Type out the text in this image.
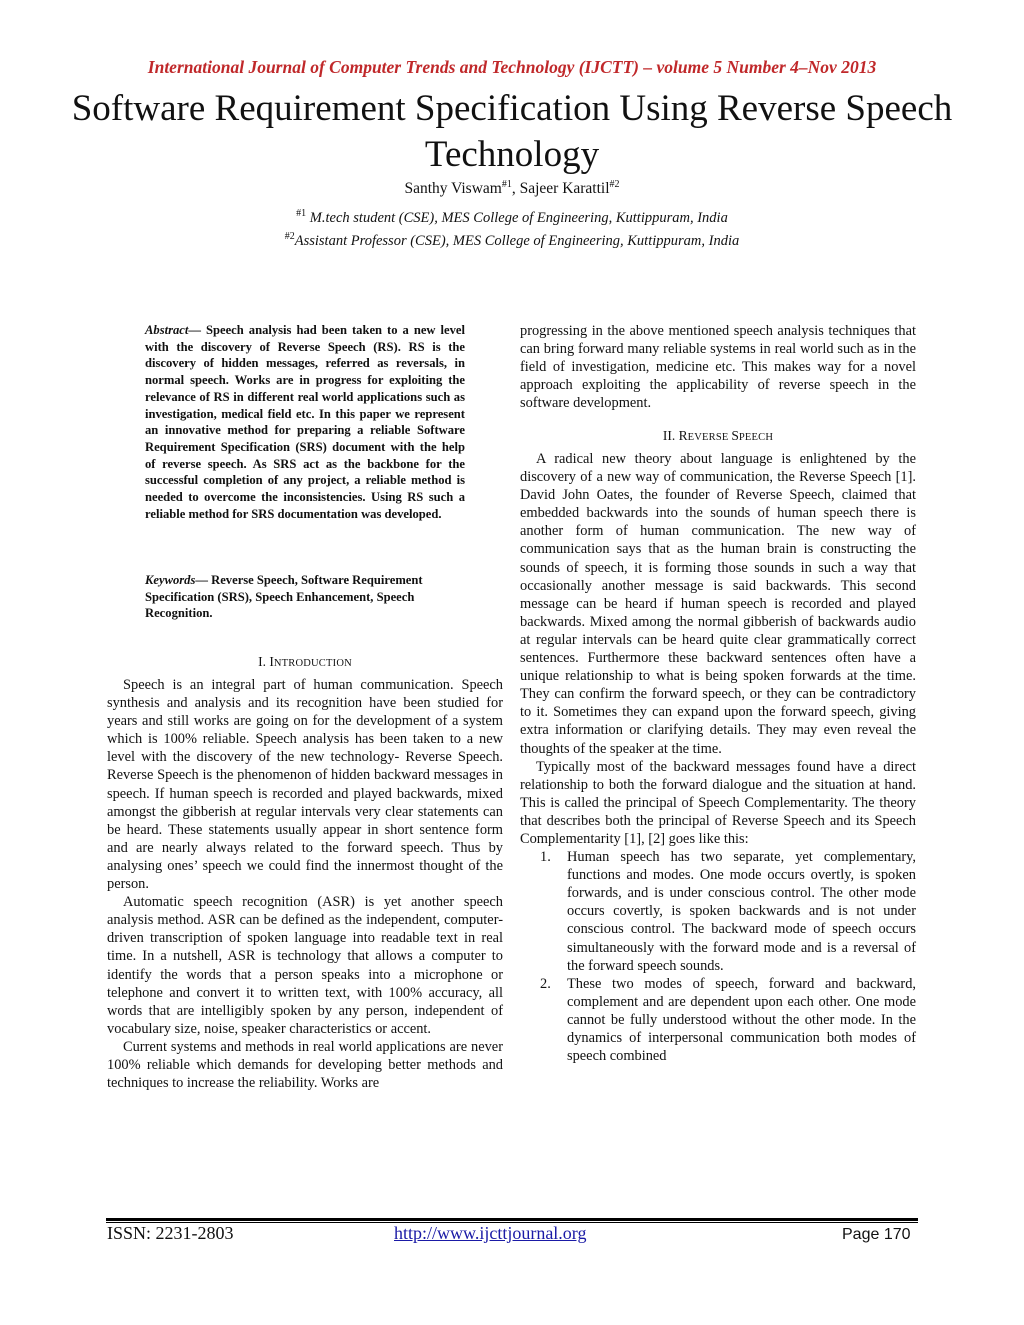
International Journal of Computer Trends and Technology (IJCTT) – volume 5 Number 4–Nov 2013
Software Requirement Specification Using Reverse Speech Technology
Santhy Viswam$^{\#1}$, Sajeer Karattil$^{\#2}$
$^{\#1}$ M.tech student (CSE), MES College of Engineering, Kuttippuram, India
$^{\#2}$Assistant Professor (CSE), MES College of Engineering, Kuttippuram, India
Abstract— Speech analysis had been taken to a new level with the discovery of Reverse Speech (RS). RS is the discovery of hidden messages, referred as reversals, in normal speech. Works are in progress for exploiting the relevance of RS in different real world applications such as investigation, medical field etc. In this paper we represent an innovative method for preparing a reliable Software Requirement Specification (SRS) document with the help of reverse speech. As SRS act as the backbone for the successful completion of any project, a reliable method is needed to overcome the inconsistencies. Using RS such a reliable method for SRS documentation was developed.
Keywords— Reverse Speech, Software Requirement Specification (SRS), Speech Enhancement, Speech Recognition.
I. INTRODUCTION

Speech is an integral part of human communication. Speech synthesis and analysis and its recognition have been studied for years and still works are going on for the development of a system which is 100% reliable. Speech analysis has been taken to a new level with the discovery of the new technology- Reverse Speech. Reverse Speech is the phenomenon of hidden backward messages in speech. If human speech is recorded and played backwards, mixed amongst the gibberish at regular intervals very clear statements can be heard. These statements usually appear in short sentence form and are nearly always related to the forward speech. Thus by analysing ones’ speech we could find the innermost thought of the person.

Automatic speech recognition (ASR) is yet another speech analysis method. ASR can be defined as the independent, computer-driven transcription of spoken language into readable text in real time. In a nutshell, ASR is technology that allows a computer to identify the words that a person speaks into a microphone or telephone and convert it to written text, with 100% accuracy, all words that are intelligibly spoken by any person, independent of vocabulary size, noise, speaker characteristics or accent.

Current systems and methods in real world applications are never 100% reliable which demands for developing better methods and techniques to increase the reliability. Works are

progressing in the above mentioned speech analysis techniques that can bring forward many reliable systems in real world such as in the field of investigation, medicine etc. This makes way for a novel approach exploiting the applicability of reverse speech in the software development.

II. REVERSE SPEECH

A radical new theory about language is enlightened by the discovery of a new way of communication, the Reverse Speech [1]. David John Oates, the founder of Reverse Speech, claimed that embedded backwards into the sounds of human speech there is another form of human communication. The new way of communication says that as the human brain is constructing the sounds of speech, it is forming those sounds in such a way that occasionally another message is said backwards. This second message can be heard if human speech is recorded and played backwards. Mixed among the normal gibberish of backwards audio at regular intervals can be heard quite clear grammatically correct sentences. Furthermore these backward sentences often have a unique relationship to what is being spoken forwards at the time. They can confirm the forward speech, or they can be contradictory to it. Sometimes they can expand upon the forward speech, giving extra information or clarifying details. They may even reveal the thoughts of the speaker at the time.

Typically most of the backward messages found have a direct relationship to both the forward dialogue and the situation at hand. This is called the principal of Speech Complementarity. The theory that describes both the principal of Reverse Speech and its Speech Complementarity [1], [2] goes like this:

1. Human speech has two separate, yet complementary, functions and modes. One mode occurs overtly, is spoken forwards, and is under conscious control. The other mode occurs covertly, is spoken backwards and is not under conscious control. The backward mode of speech occurs simultaneously with the forward mode and is a reversal of the forward speech sounds.
2. These two modes of speech, forward and backward, complement and are dependent upon each other. One mode cannot be fully understood without the other mode. In the dynamics of interpersonal communication both modes of speech combined
ISSN: 2231-2803	http://www.ijcttjournal.org	Page 170
